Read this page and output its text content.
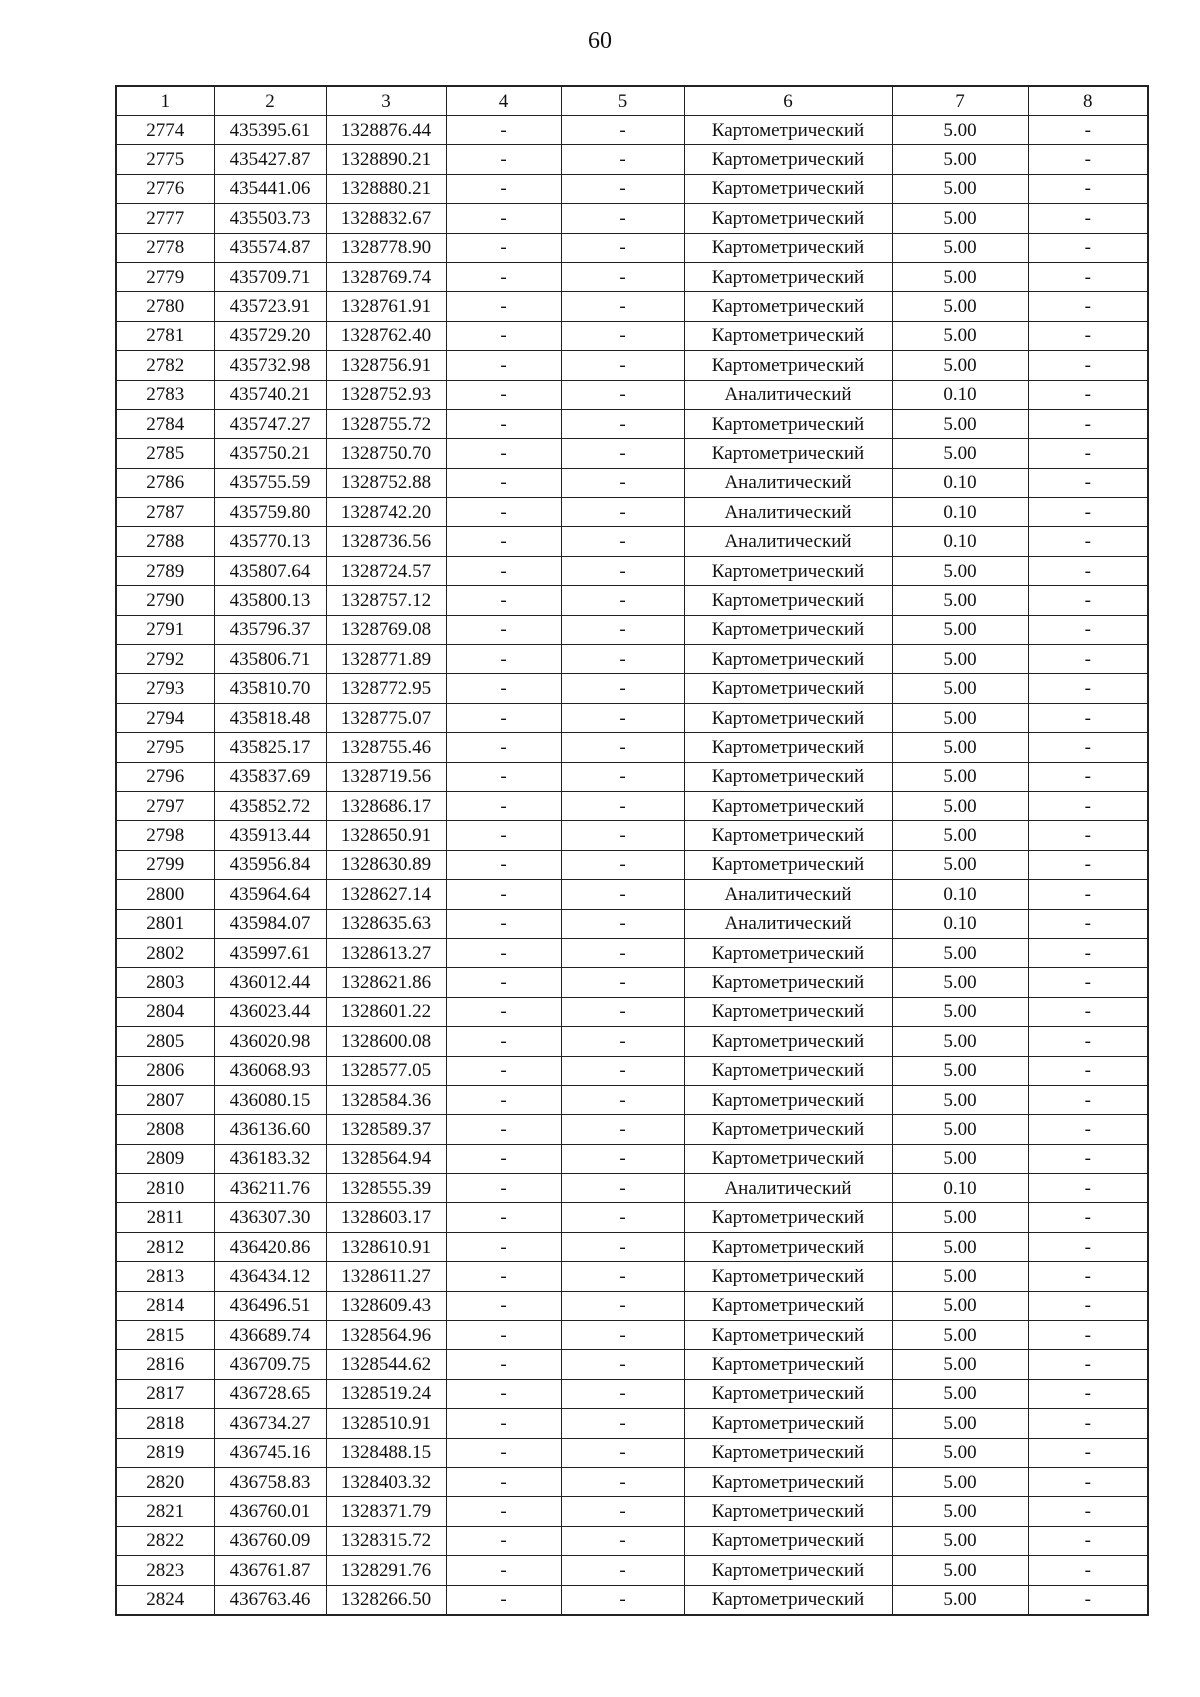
60
1	2	3	4	5	6	7	8
2774	435395.61	1328876.44	-	-	Картометрический	5.00	-
2775	435427.87	1328890.21	-	-	Картометрический	5.00	-
2776	435441.06	1328880.21	-	-	Картометрический	5.00	-
2777	435503.73	1328832.67	-	-	Картометрический	5.00	-
2778	435574.87	1328778.90	-	-	Картометрический	5.00	-
2779	435709.71	1328769.74	-	-	Картометрический	5.00	-
2780	435723.91	1328761.91	-	-	Картометрический	5.00	-
2781	435729.20	1328762.40	-	-	Картометрический	5.00	-
2782	435732.98	1328756.91	-	-	Картометрический	5.00	-
2783	435740.21	1328752.93	-	-	Аналитический	0.10	-
2784	435747.27	1328755.72	-	-	Картометрический	5.00	-
2785	435750.21	1328750.70	-	-	Картометрический	5.00	-
2786	435755.59	1328752.88	-	-	Аналитический	0.10	-
2787	435759.80	1328742.20	-	-	Аналитический	0.10	-
2788	435770.13	1328736.56	-	-	Аналитический	0.10	-
2789	435807.64	1328724.57	-	-	Картометрический	5.00	-
2790	435800.13	1328757.12	-	-	Картометрический	5.00	-
2791	435796.37	1328769.08	-	-	Картометрический	5.00	-
2792	435806.71	1328771.89	-	-	Картометрический	5.00	-
2793	435810.70	1328772.95	-	-	Картометрический	5.00	-
2794	435818.48	1328775.07	-	-	Картометрический	5.00	-
2795	435825.17	1328755.46	-	-	Картометрический	5.00	-
2796	435837.69	1328719.56	-	-	Картометрический	5.00	-
2797	435852.72	1328686.17	-	-	Картометрический	5.00	-
2798	435913.44	1328650.91	-	-	Картометрический	5.00	-
2799	435956.84	1328630.89	-	-	Картометрический	5.00	-
2800	435964.64	1328627.14	-	-	Аналитический	0.10	-
2801	435984.07	1328635.63	-	-	Аналитический	0.10	-
2802	435997.61	1328613.27	-	-	Картометрический	5.00	-
2803	436012.44	1328621.86	-	-	Картометрический	5.00	-
2804	436023.44	1328601.22	-	-	Картометрический	5.00	-
2805	436020.98	1328600.08	-	-	Картометрический	5.00	-
2806	436068.93	1328577.05	-	-	Картометрический	5.00	-
2807	436080.15	1328584.36	-	-	Картометрический	5.00	-
2808	436136.60	1328589.37	-	-	Картометрический	5.00	-
2809	436183.32	1328564.94	-	-	Картометрический	5.00	-
2810	436211.76	1328555.39	-	-	Аналитический	0.10	-
2811	436307.30	1328603.17	-	-	Картометрический	5.00	-
2812	436420.86	1328610.91	-	-	Картометрический	5.00	-
2813	436434.12	1328611.27	-	-	Картометрический	5.00	-
2814	436496.51	1328609.43	-	-	Картометрический	5.00	-
2815	436689.74	1328564.96	-	-	Картометрический	5.00	-
2816	436709.75	1328544.62	-	-	Картометрический	5.00	-
2817	436728.65	1328519.24	-	-	Картометрический	5.00	-
2818	436734.27	1328510.91	-	-	Картометрический	5.00	-
2819	436745.16	1328488.15	-	-	Картометрический	5.00	-
2820	436758.83	1328403.32	-	-	Картометрический	5.00	-
2821	436760.01	1328371.79	-	-	Картометрический	5.00	-
2822	436760.09	1328315.72	-	-	Картометрический	5.00	-
2823	436761.87	1328291.76	-	-	Картометрический	5.00	-
2824	436763.46	1328266.50	-	-	Картометрический	5.00	-
